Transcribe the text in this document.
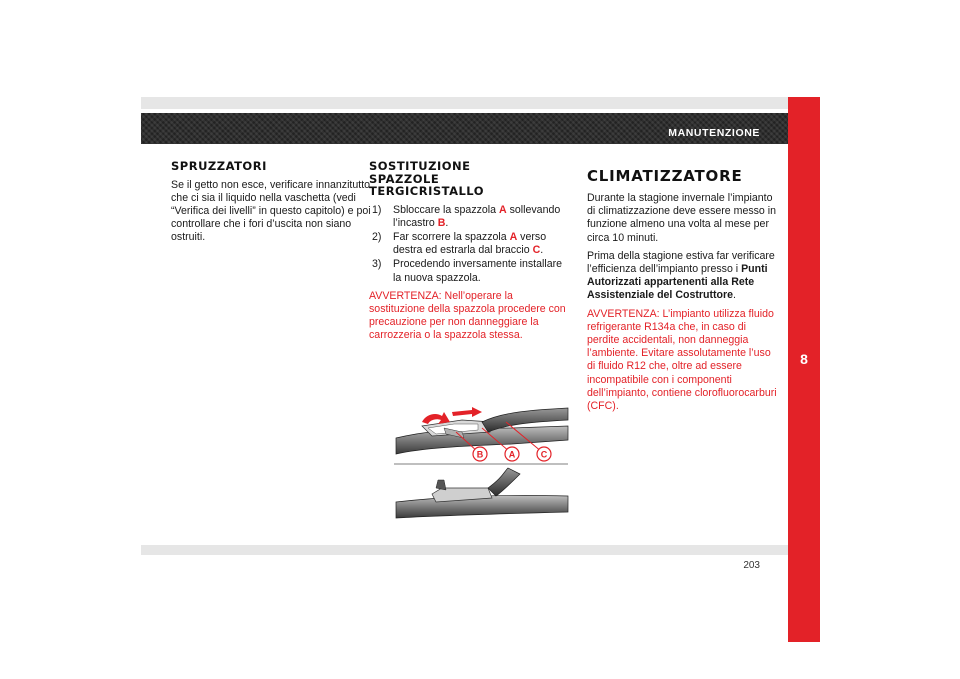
MANUTENZIONE
8
SPRUZZATORI

Se il getto non esce, verificare innanzitutto che ci sia il liquido nella vaschetta (vedi “Verifica dei livelli” in questo capitolo) e poi controllare che i fori d’uscita non siano ostruiti.

SOSTITUZIONE
SPAZZOLE
TERGICRISTALLO
1) Sbloccare la spazzola A sollevando l’incastro B.
2) Far scorrere la spazzola A verso destra ed estrarla dal braccio C.
3) Procedendo inversamente installare la nuova spazzola.

AVVERTENZA: Nell’operare la sostituzione della spazzola procedere con precauzione per non danneggiare la carrozzeria o la spazzola stessa.

CLIMATIZZATORE

Durante la stagione invernale l’impianto di climatizzazione deve essere messo in funzione almeno una volta al mese per circa 10 minuti.

Prima della stagione estiva far verificare l’efficienza dell’impianto presso i Punti Autorizzati appartenenti alla Rete Assistenziale del Costruttore.

AVVERTENZA: L’impianto utilizza fluido refrigerante R134a che, in caso di perdite accidentali, non danneggia l’ambiente. Evitare assolutamente l’uso di fluido R12 che, oltre ad essere incompatibile con i componenti dell’impianto, contiene clorofluorocarburi (CFC).

B	A	C
203
